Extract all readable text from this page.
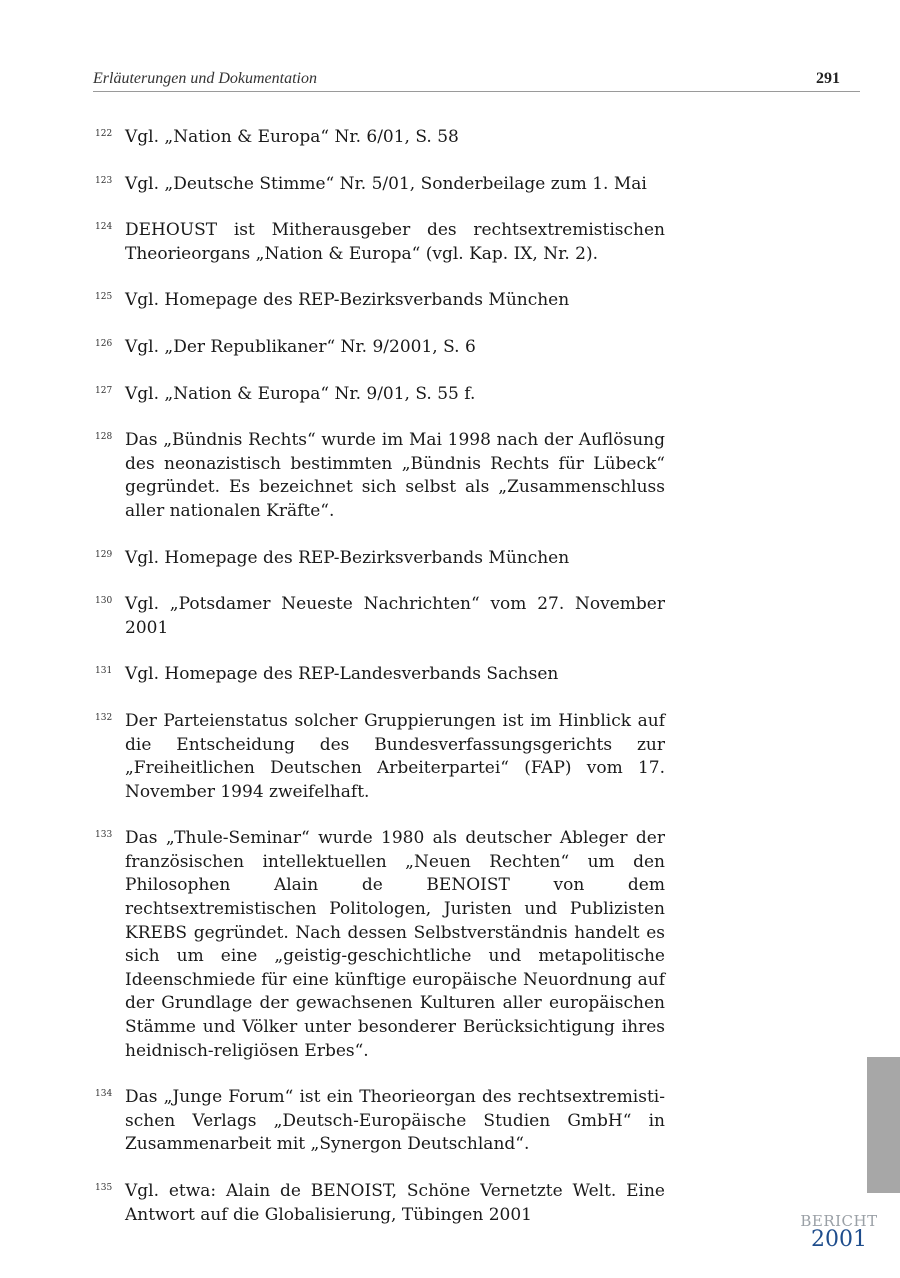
Erläuterungen und Dokumentation	291
122 Vgl. „Nation & Europa“ Nr. 6/01, S. 58
123 Vgl. „Deutsche Stimme“ Nr. 5/01, Sonderbeilage zum 1. Mai
124 DEHOUST ist Mitherausgeber des rechtsextremistischen Theorieorgans „Nation & Europa“ (vgl. Kap. IX, Nr. 2).
125 Vgl. Homepage des REP-Bezirksverbands München
126 Vgl. „Der Republikaner“ Nr. 9/2001, S. 6
127 Vgl. „Nation & Europa“ Nr. 9/01, S. 55 f.
128 Das „Bündnis Rechts“ wurde im Mai 1998 nach der Auflösung des neonazistisch bestimmten „Bündnis Rechts für Lübeck“ gegründet. Es bezeichnet sich selbst als „Zusammenschluss aller nationalen Kräfte“.
129 Vgl. Homepage des REP-Bezirksverbands München
130 Vgl. „Potsdamer Neueste Nachrichten“ vom 27. November 2001
131 Vgl. Homepage des REP-Landesverbands Sachsen
132 Der Parteienstatus solcher Gruppierungen ist im Hinblick auf die Entscheidung des Bundesverfassungsgerichts zur „Freiheitlichen Deutschen Arbeiterpartei“ (FAP) vom 17. November 1994 zweifelhaft.
133 Das „Thule-Seminar“ wurde 1980 als deutscher Ableger der französischen intellektuellen „Neuen Rechten“ um den Philosophen Alain de BENOIST von dem rechtsextremistischen Politologen, Juristen und Publizisten KREBS gegründet. Nach dessen Selbstverständnis handelt es sich um eine „geistig-geschichtliche und metapolitische Ideenschmiede für eine künftige europäische Neuordnung auf der Grundlage der gewachsenen Kulturen aller europäischen Stämme und Völker unter besonderer Berücksichtigung ihres heidnisch-religiösen Erbes“.
134 Das „Junge Forum“ ist ein Theorieorgan des rechtsextremistischen Verlags „Deutsch-Europäische Studien GmbH“ in Zusammenarbeit mit „Synergon Deutschland“.
135 Vgl. etwa: Alain de BENOIST, Schöne Vernetzte Welt. Eine Antwort auf die Globalisierung, Tübingen 2001	BERICHT
2001
